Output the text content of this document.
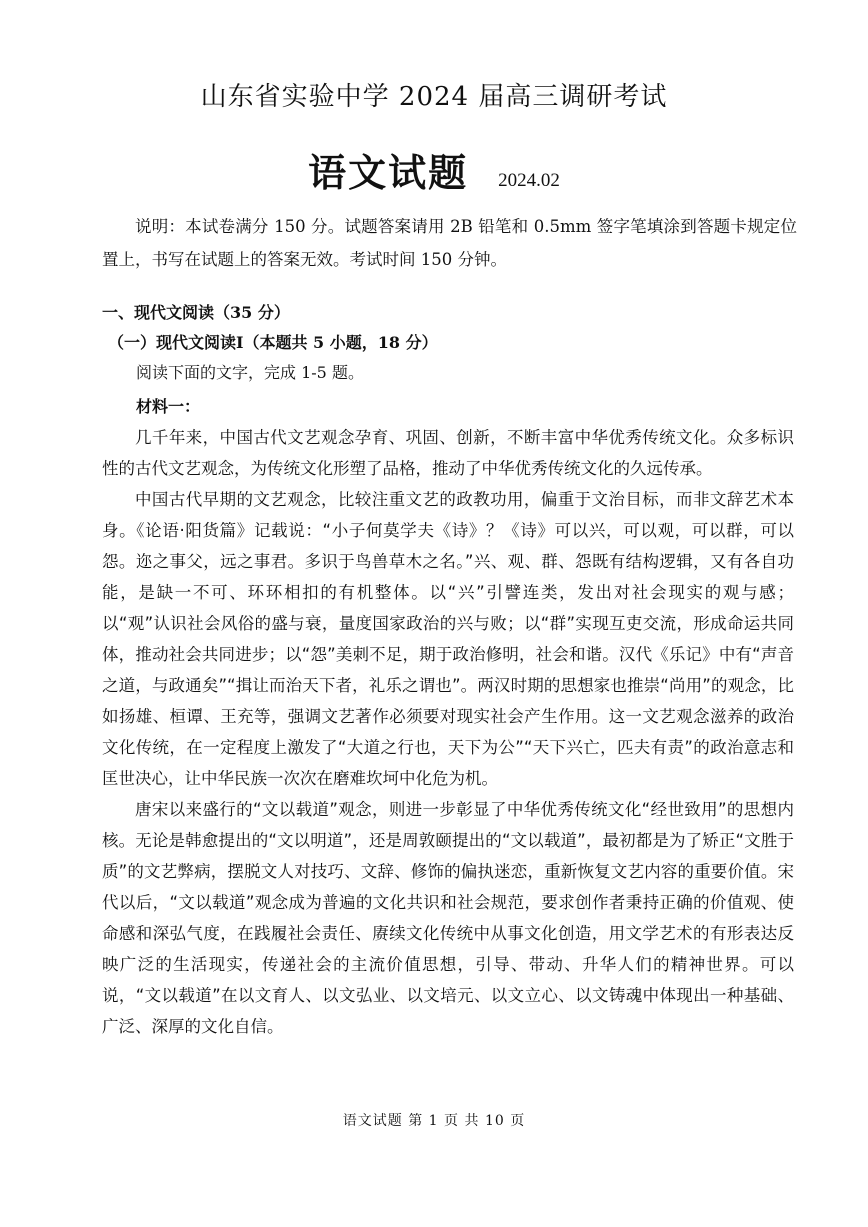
山东省实验中学 2024 届高三调研考试
语文试题 2024.02
说明：本试卷满分 150 分。试题答案请用 2B 铅笔和 0.5mm 签字笔填涂到答题卡规定位置上，书写在试题上的答案无效。考试时间 150 分钟。
一、现代文阅读（35 分）
（一）现代文阅读Ⅰ（本题共 5 小题，18 分）
阅读下面的文字，完成 1-5 题。
材料一：

几千年来，中国古代文艺观念孕育、巩固、创新，不断丰富中华优秀传统文化。众多标识性的古代文艺观念，为传统文化形塑了品格，推动了中华优秀传统文化的久远传承。

中国古代早期的文艺观念，比较注重文艺的政教功用，偏重于文治目标，而非文辞艺术本身。《论语·阳货篇》记载说：“小子何莫学夫《诗》？《诗》可以兴，可以观，可以群，可以怨。迩之事父，远之事君。多识于鸟兽草木之名。”兴、观、群、怨既有结构逻辑，又有各自功能，是缺一不可、环环相扣的有机整体。以“兴”引譬连类，发出对社会现实的观与感；以“观”认识社会风俗的盛与衰，量度国家政治的兴与败；以“群”实现互吏交流，形成命运共同体，推动社会共同进步；以“怨”美刺不足，期于政治修明，社会和谐。汉代《乐记》中有“声音之道，与政通矣”“揖让而治天下者，礼乐之谓也”。两汉时期的思想家也推崇“尚用”的观念，比如扬雄、桓谭、王充等，强调文艺著作必须要对现实社会产生作用。这一文艺观念滋养的政治文化传统，在一定程度上激发了“大道之行也，天下为公”“天下兴亡，匹夫有责”的政治意志和匡世决心，让中华民族一次次在磨难坎坷中化危为机。

唐宋以来盛行的“文以载道”观念，则进一步彰显了中华优秀传统文化“经世致用”的思想内核。无论是韩愈提出的“文以明道”，还是周敦颐提出的“文以载道”，最初都是为了矫正“文胜于质”的文艺弊病，摆脱文人对技巧、文辞、修饰的偏执迷恋，重新恢复文艺内容的重要价值。宋代以后，“文以载道”观念成为普遍的文化共识和社会规范，要求创作者秉持正确的价值观、使命感和深弘气度，在践履社会责任、赓续文化传统中从事文化创造，用文学艺术的有形表达反映广泛的生活现实，传递社会的主流价值思想，引导、带动、升华人们的精神世界。可以说，“文以载道”在以文育人、以文弘业、以文培元、以文立心、以文铸魂中体现出一种基础、广泛、深厚的文化自信。

语文试题 第 1 页 共 10 页
